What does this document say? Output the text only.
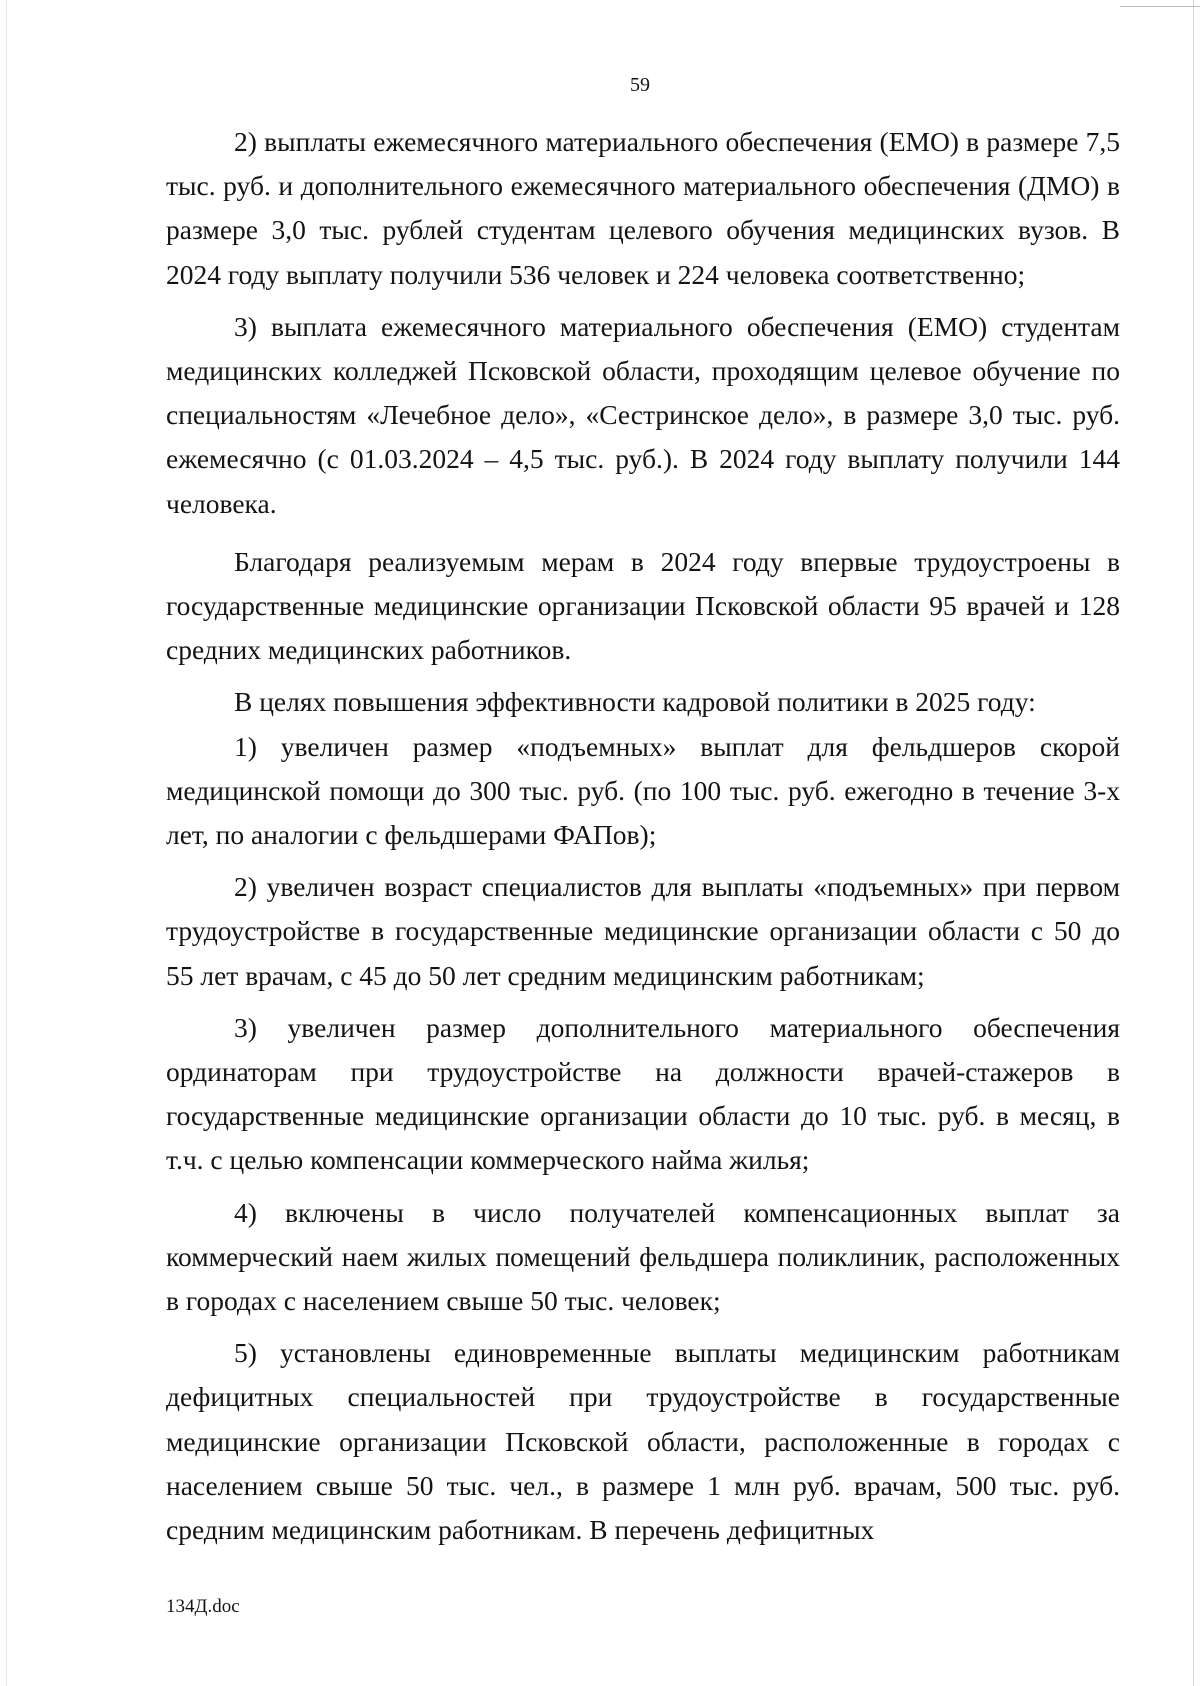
59

2) выплаты ежемесячного материального обеспечения (ЕМО) в размере 7,5 тыс. руб. и дополнительного ежемесячного материального обеспечения (ДМО) в размере 3,0 тыс. рублей студентам целевого обучения медицинских вузов. В 2024 году выплату получили 536 человек и 224 человека соответственно;

3) выплата ежемесячного материального обеспечения (ЕМО) студентам медицинских колледжей Псковской области, проходящим целевое обучение по специальностям «Лечебное дело», «Сестринское дело», в размере 3,0 тыс. руб. ежемесячно (с 01.03.2024 – 4,5 тыс. руб.). В 2024 году выплату получили 144 человека.

Благодаря реализуемым мерам в 2024 году впервые трудоустроены в государственные медицинские организации Псковской области 95 врачей и 128 средних медицинских работников.

В целях повышения эффективности кадровой политики в 2025 году:

1) увеличен размер «подъемных» выплат для фельдшеров скорой медицинской помощи до 300 тыс. руб. (по 100 тыс. руб. ежегодно в течение 3-х лет, по аналогии с фельдшерами ФАПов);

2) увеличен возраст специалистов для выплаты «подъемных» при первом трудоустройстве в государственные медицинские организации области с 50 до 55 лет врачам, с 45 до 50 лет средним медицинским работникам;

3) увеличен размер дополнительного материального обеспечения ординаторам при трудоустройстве на должности врачей-стажеров в государственные медицинские организации области до 10 тыс. руб. в месяц, в т.ч. с целью компенсации коммерческого найма жилья;

4) включены в число получателей компенсационных выплат за коммерческий наем жилых помещений фельдшера поликлиник, расположенных в городах с населением свыше 50 тыс. человек;

5) установлены единовременные выплаты медицинским работникам дефицитных специальностей при трудоустройстве в государственные медицинские организации Псковской области, расположенные в городах с населением свыше 50 тыс. чел., в размере 1 млн руб. врачам, 500 тыс. руб. средним медицинским работникам. В перечень дефицитных

134Д.doc
